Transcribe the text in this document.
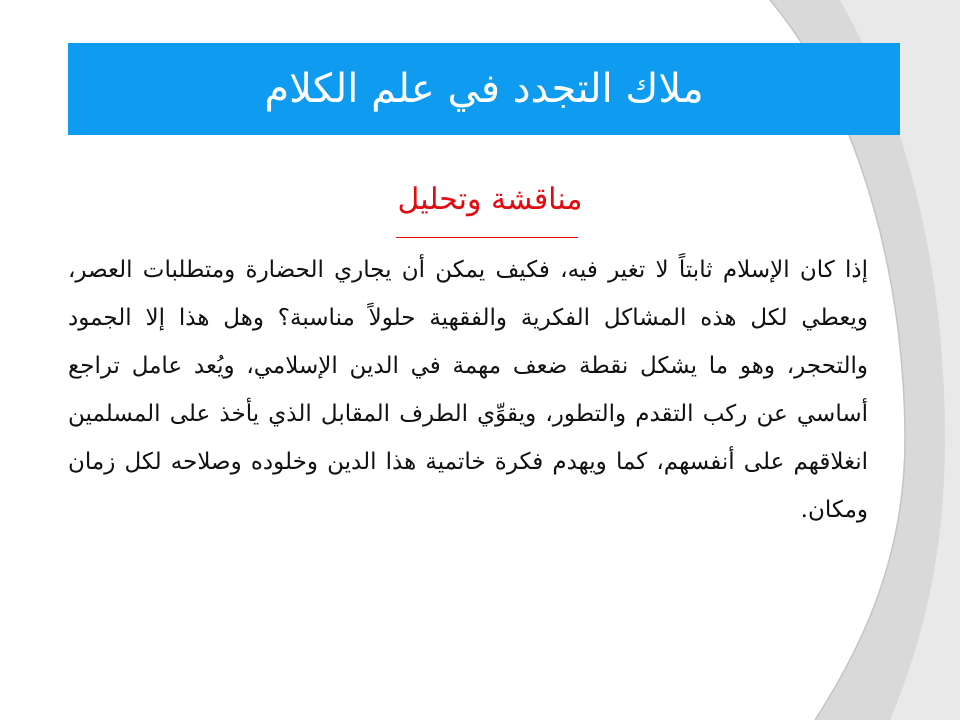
ملاك التجدد في علم الكلام
مناقشة وتحليل
إذا كان الإسلام ثابتاً لا تغير فيه، فكيف يمكن أن يجاري الحضارة ومتطلبات العصر، ويعطي لكل هذه المشاكل الفكرية والفقهية حلولاً مناسبة؟ وهل هذا إلا الجمود والتحجر، وهو ما يشكل نقطة ضعف مهمة في الدين الإسلامي، ويُعد عامل تراجع أساسي عن ركب التقدم والتطور، ويقوِّي الطرف المقابل الذي يأخذ على المسلمين انغلاقهم على أنفسهم، كما ويهدم فكرة خاتمية هذا الدين وخلوده وصلاحه لكل زمان ومكان.
